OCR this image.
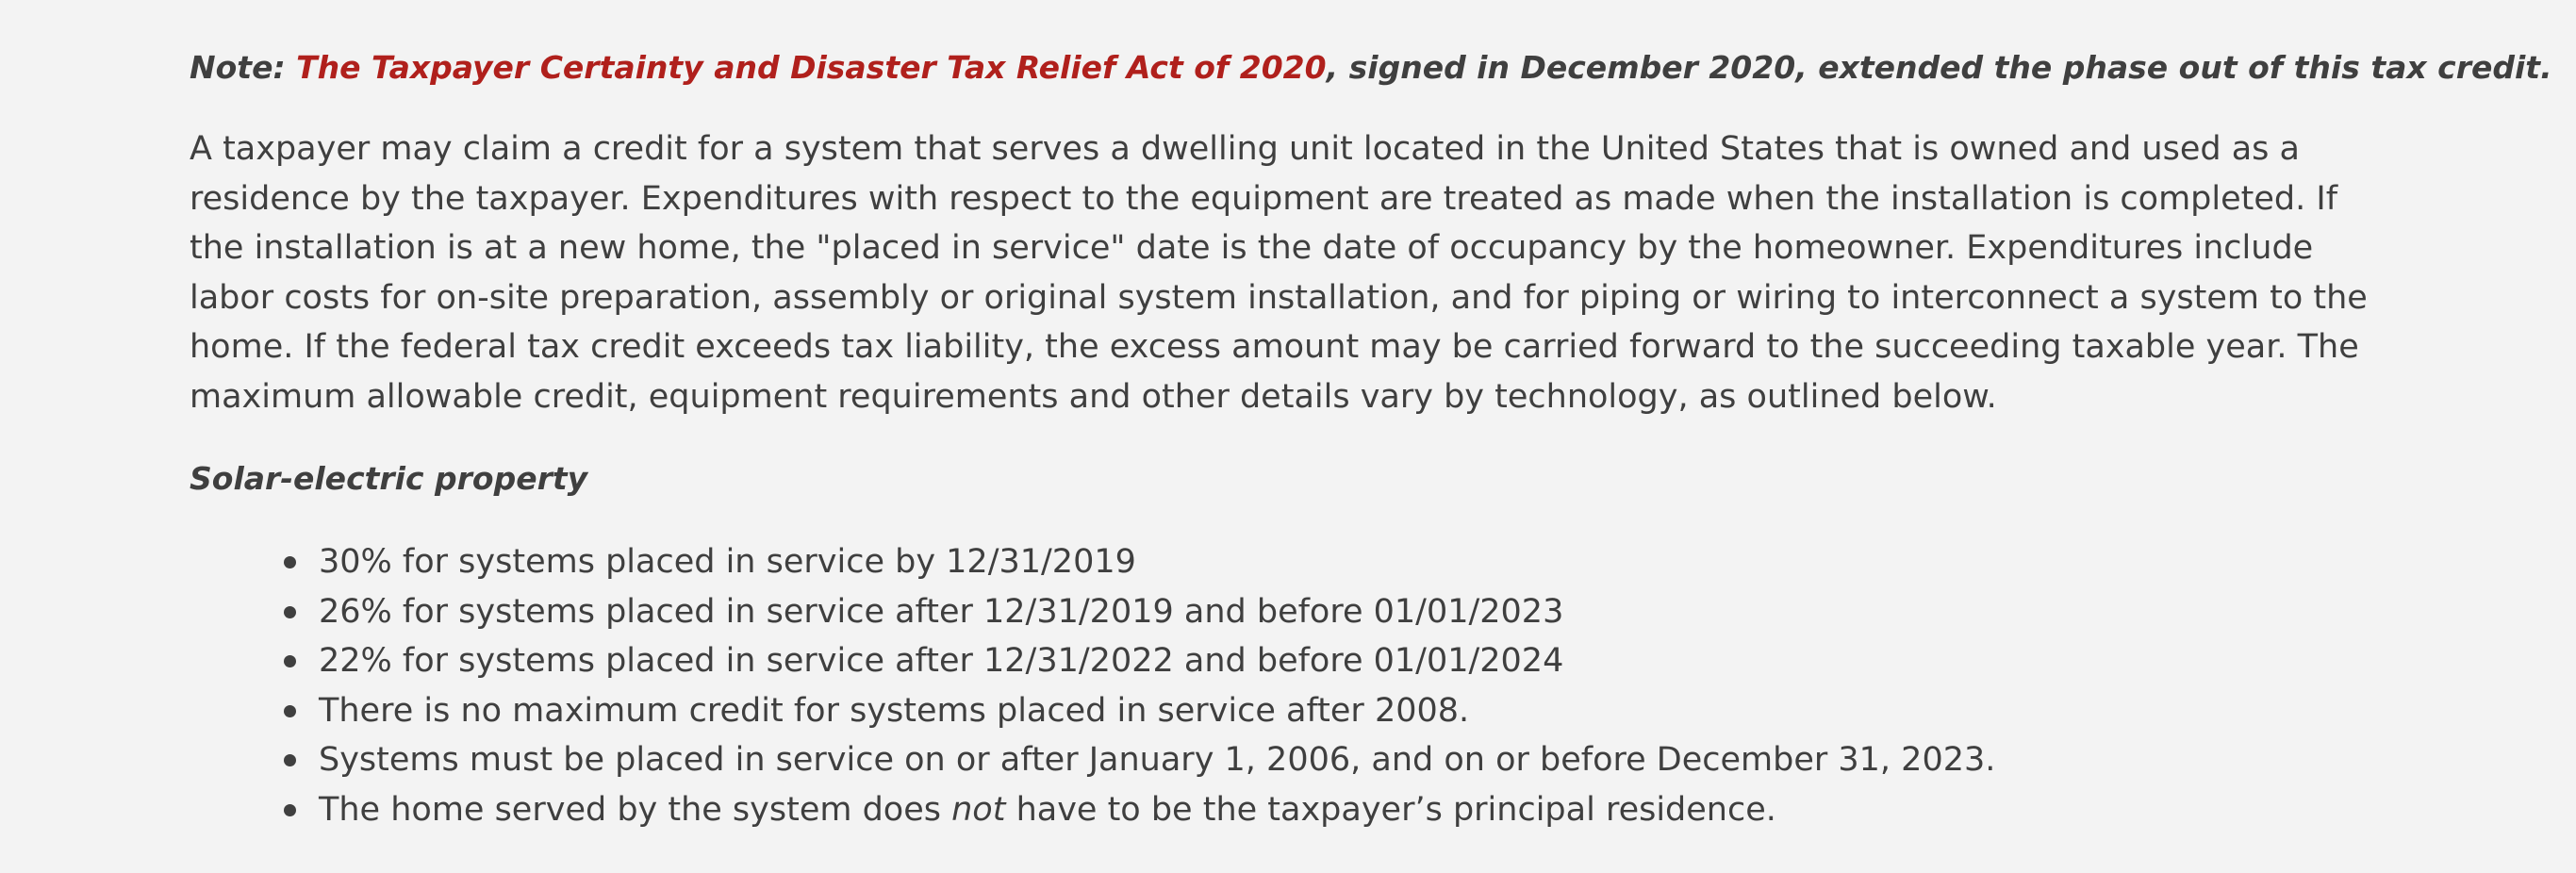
Note: The Taxpayer Certainty and Disaster Tax Relief Act of 2020, signed in December 2020, extended the phase out of this tax credit.

A taxpayer may claim a credit for a system that serves a dwelling unit located in the United States that is owned and used as a residence by the taxpayer. Expenditures with respect to the equipment are treated as made when the installation is completed. If the installation is at a new home, the "placed in service" date is the date of occupancy by the homeowner. Expenditures include labor costs for on-site preparation, assembly or original system installation, and for piping or wiring to interconnect a system to the home. If the federal tax credit exceeds tax liability, the excess amount may be carried forward to the succeeding taxable year. The maximum allowable credit, equipment requirements and other details vary by technology, as outlined below.

Solar-electric property

30% for systems placed in service by 12/31/2019
26% for systems placed in service after 12/31/2019 and before 01/01/2023
22% for systems placed in service after 12/31/2022 and before 01/01/2024
There is no maximum credit for systems placed in service after 2008.
Systems must be placed in service on or after January 1, 2006, and on or before December 31, 2023.
The home served by the system does not have to be the taxpayer’s principal residence.
